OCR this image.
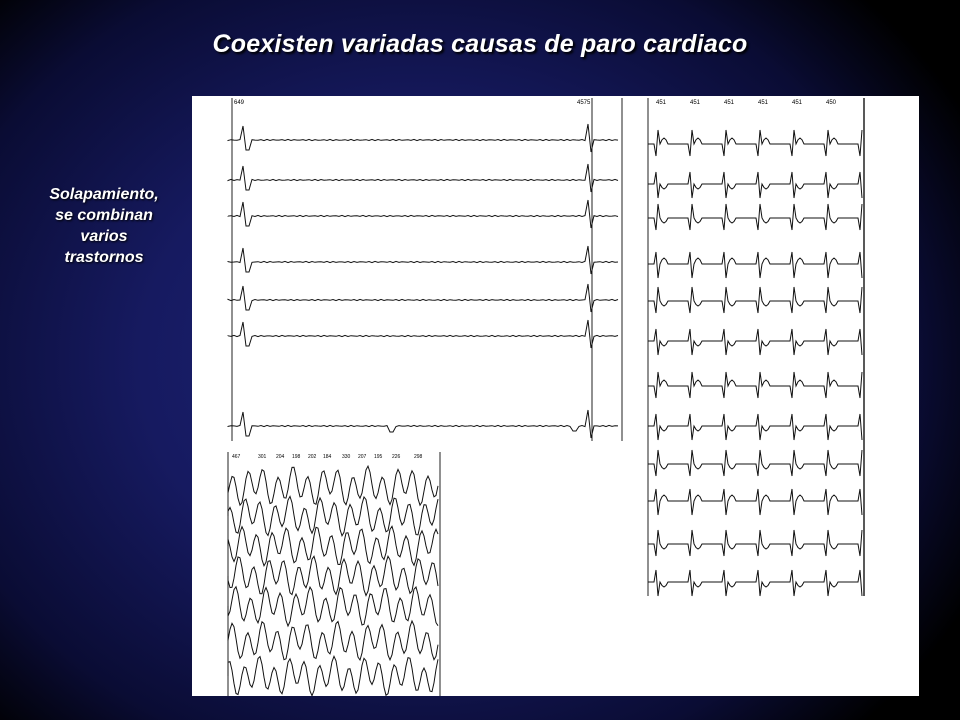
Coexisten variadas causas de paro cardiaco
Solapamiento,
se combinan
varios
trastornos
649	4575	451	451	451	451	451	450
467	301 204 198 202 184 330 207 195 226	298
